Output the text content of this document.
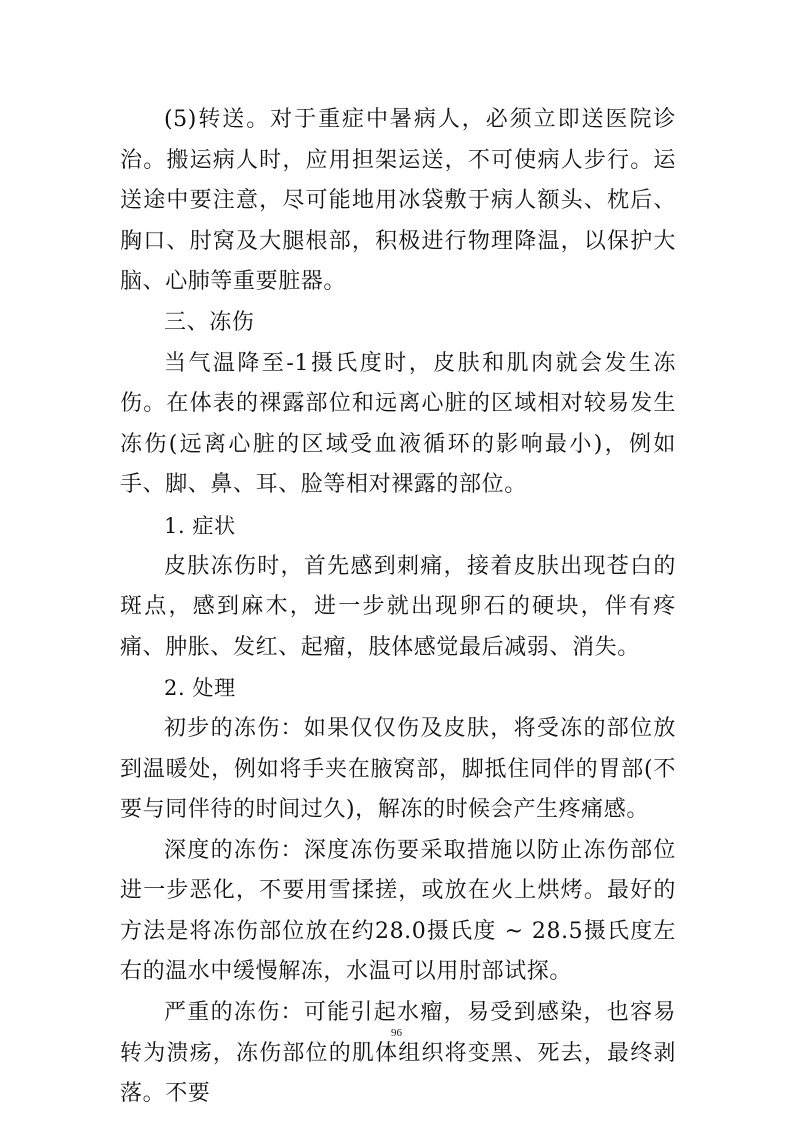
(5)转送。对于重症中暑病人，必须立即送医院诊治。搬运病人时，应用担架运送，不可使病人步行。运送途中要注意，尽可能地用冰袋敷于病人额头、枕后、胸口、肘窝及大腿根部，积极进行物理降温，以保护大脑、心肺等重要脏器。

三、冻伤

当气温降至-1摄氏度时，皮肤和肌肉就会发生冻伤。在体表的裸露部位和远离心脏的区域相对较易发生冻伤(远离心脏的区域受血液循环的影响最小)，例如手、脚、鼻、耳、脸等相对裸露的部位。

1. 症状

皮肤冻伤时，首先感到刺痛，接着皮肤出现苍白的斑点，感到麻木，进一步就出现卵石的硬块，伴有疼痛、肿胀、发红、起瘤，肢体感觉最后减弱、消失。

2. 处理

初步的冻伤：如果仅仅伤及皮肤，将受冻的部位放到温暖处，例如将手夹在腋窝部，脚抵住同伴的胃部(不要与同伴待的时间过久)，解冻的时候会产生疼痛感。

深度的冻伤：深度冻伤要采取措施以防止冻伤部位进一步恶化，不要用雪揉搓，或放在火上烘烤。最好的方法是将冻伤部位放在约28.0摄氏度 ~ 28.5摄氏度左右的温水中缓慢解冻，水温可以用肘部试探。

严重的冻伤：可能引起水瘤，易受到感染，也容易转为溃疡，冻伤部位的肌体组织将变黑、死去，最终剥落。不要

96
